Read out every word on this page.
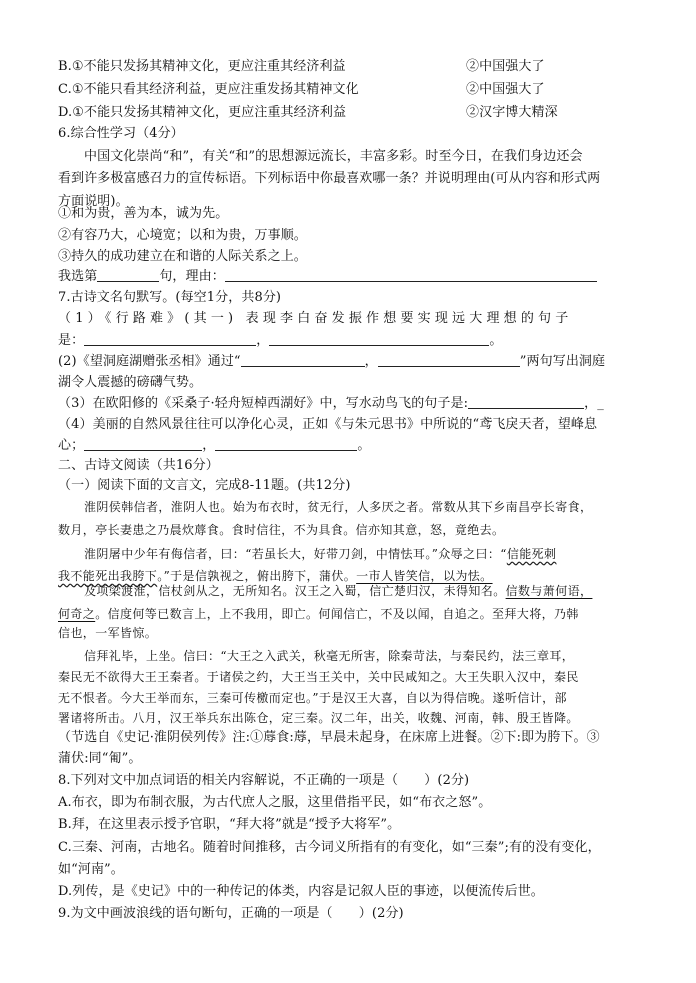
B.①不能只发扬其精神文化，更应注重其经济利益	②中国强大了
C.①不能只看其经济利益，更应注重发扬其精神文化	②中国强大了
D.①不能只发扬其精神文化，更应注重其经济利益	②汉字博大精深
6.综合性学习（4分）
中国文化崇尚“和”，有关“和”的思想源远流长，丰富多彩。时至今日，在我们身边还会
看到许多极富感召力的宣传标语。下列标语中你最喜欢哪一条？并说明理由(可从内容和形式两
方面说明)。
①和为贵，善为本，诚为先。
②有容乃大，心境宽；以和为贵，万事顺。
③持久的成功建立在和谐的人际关系之上。
我选第	句，理由：
7.古诗文名句默写。(每空1分，共8分)
（1）《行路难》(其一) 表现李白奋发振作想要实现远大理想的句子
是：	，	。
(2)《望洞庭湖赠张丞相》通过“	，	”两句写出洞庭
湖令人震撼的磅礴气势。
（3）在欧阳修的《采桑子·轻舟短棹西湖好》中，写水动鸟飞的句子是:	，_
（4）美丽的自然风景往往可以净化心灵，正如《与朱元思书》中所说的“鸢飞戾天者，望峰息
心；	，	。
二、古诗文阅读（共16分）
（一）阅读下面的文言文，完成8-11题。(共12分)
淮阴侯韩信者，淮阴人也。始为布衣时，贫无行，人多厌之者。常数从其下乡南昌亭长寄食，
数月，亭长妻患之乃晨炊蓐食。食时信往，不为具食。信亦知其意，怒，竟绝去。
淮阴屠中少年有侮信者，曰：“若虽长大，好带刀剑，中情怯耳。”众辱之曰：“信能死刺
我不能死出我胯下。”于是信孰视之，俯出胯下，蒲伏。一市人皆笑信，以为怯。
及项梁渡淮，信杖剑从之，无所知名。汉王之入蜀，信亡楚归汉，未得知名。信数与萧何语，
何奇之。信度何等已数言上，上不我用，即亡。何闻信亡，不及以闻，自追之。至拜大将，乃韩
信也，一军皆惊。
信拜礼毕，上坐。信曰：“大王之入武关，秋毫无所害，除秦苛法，与秦民约，法三章耳，
秦民无不欲得大王王秦者。于诸侯之约，大王当王关中，关中民咸知之。大王失职入汉中，秦民
无不恨者。今大王举而东，三秦可传檄而定也。”于是汉王大喜，自以为得信晚。遂听信计，部
署诸将所击。八月，汉王举兵东出陈仓，定三秦。汉二年，出关，收魏、河南，韩、殷王皆降。
（节选自《史记·淮阴侯列传》注:①蓐食:蓐，早晨未起身，在床席上进餐。②下:即为胯下。③
蒲伏:同“匍”。
8.下列对文中加点词语的相关内容解说，不正确的一项是（　　）(2分)
A.布衣，即为布制衣服，为古代庶人之服，这里借指平民，如“布衣之怒”。
B.拜，在这里表示授予官职，“拜大将”就是“授予大将军”。
C.三秦、河南，古地名。随着时间推移，古今词义所指有的有变化，如“三秦”;有的没有变化，
如“河南”。
D.列传，是《史记》中的一种传记的体类，内容是记叙人臣的事迹，以便流传后世。
9.为文中画波浪线的语句断句，正确的一项是（　　）(2分)
